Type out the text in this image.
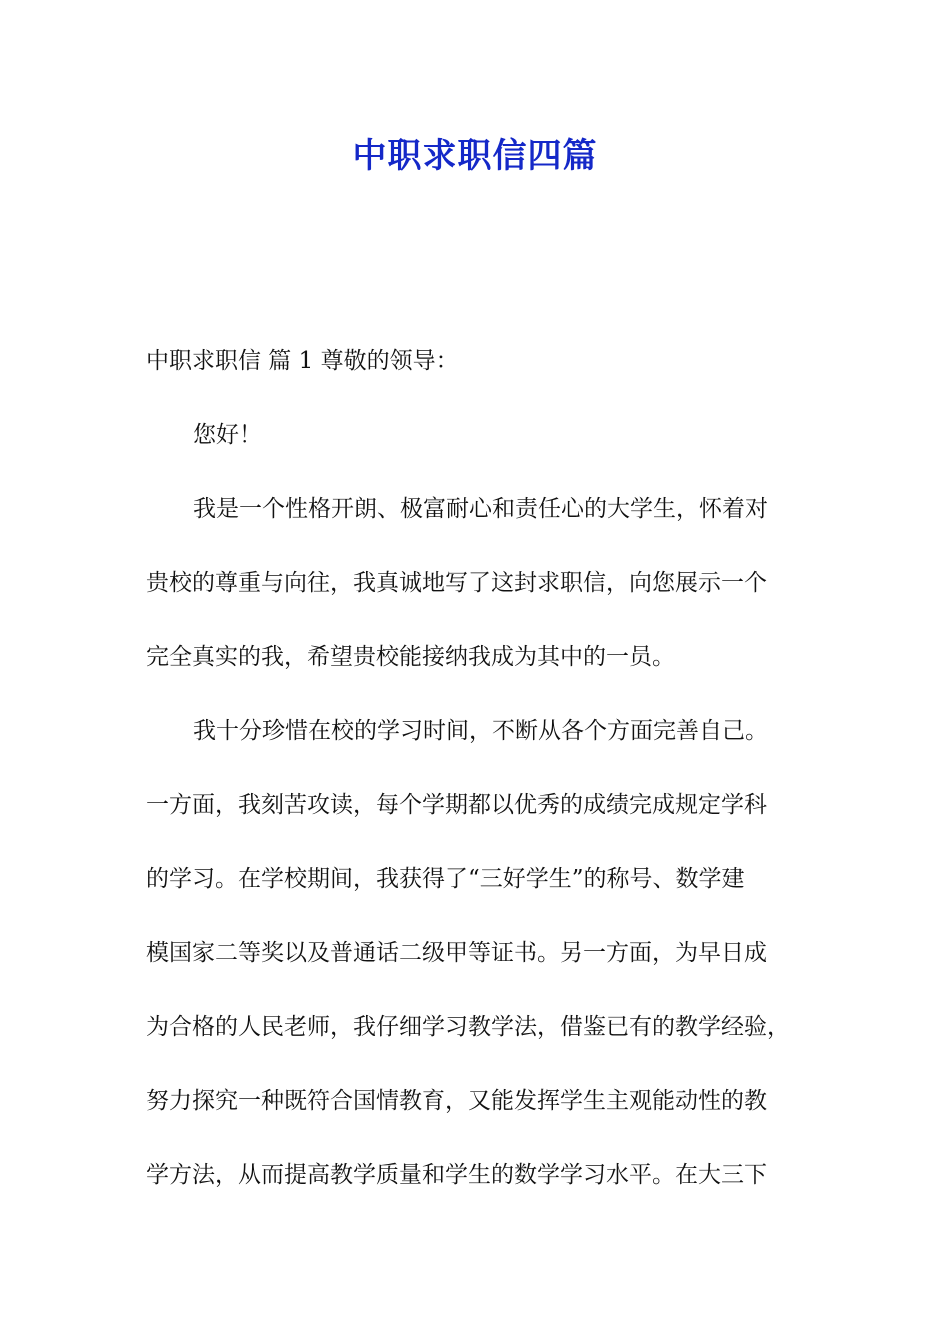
中职求职信四篇
中职求职信 篇 1 尊敬的领导：
您好！
我是一个性格开朗、极富耐心和责任心的大学生，怀着对
贵校的尊重与向往，我真诚地写了这封求职信，向您展示一个
完全真实的我，希望贵校能接纳我成为其中的一员。
我十分珍惜在校的学习时间，不断从各个方面完善自己。
一方面，我刻苦攻读，每个学期都以优秀的成绩完成规定学科
的学习。在学校期间，我获得了“三好学生”的称号、数学建
模国家二等奖以及普通话二级甲等证书。另一方面，为早日成
为合格的人民老师，我仔细学习教学法，借鉴已有的教学经验，
努力探究一种既符合国情教育，又能发挥学生主观能动性的教
学方法，从而提高教学质量和学生的数学学习水平。在大三下
